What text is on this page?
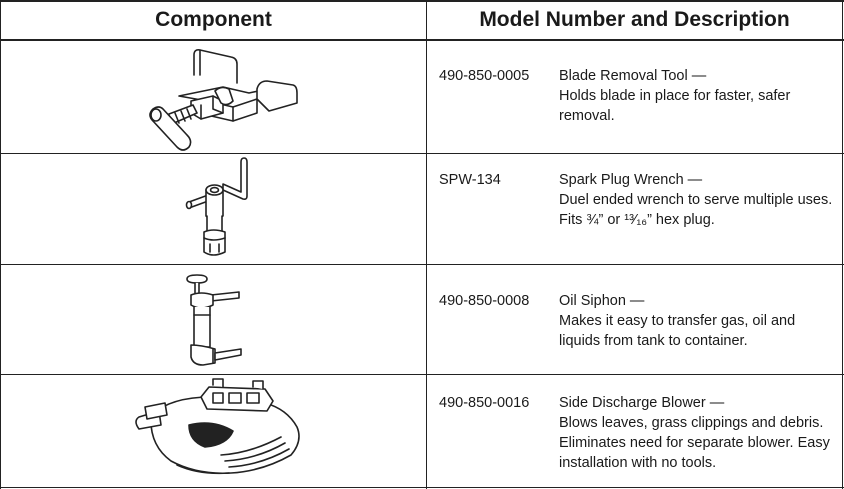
Component	Model Number and Description
490-850-0005 Blade Removal Tool —
Holds blade in place for faster, safer removal.
SPW-134	Spark Plug Wrench —
Duel ended wrench to serve multiple uses. Fits ¾” or ¹³⁄₁₆” hex plug.
490-850-0008 Oil Siphon —
Makes it easy to transfer gas, oil and liquids from tank to container.
490-850-0016 Side Discharge Blower —
Blows leaves, grass clippings and debris. Eliminates need for separate blower. Easy installation with no tools.
